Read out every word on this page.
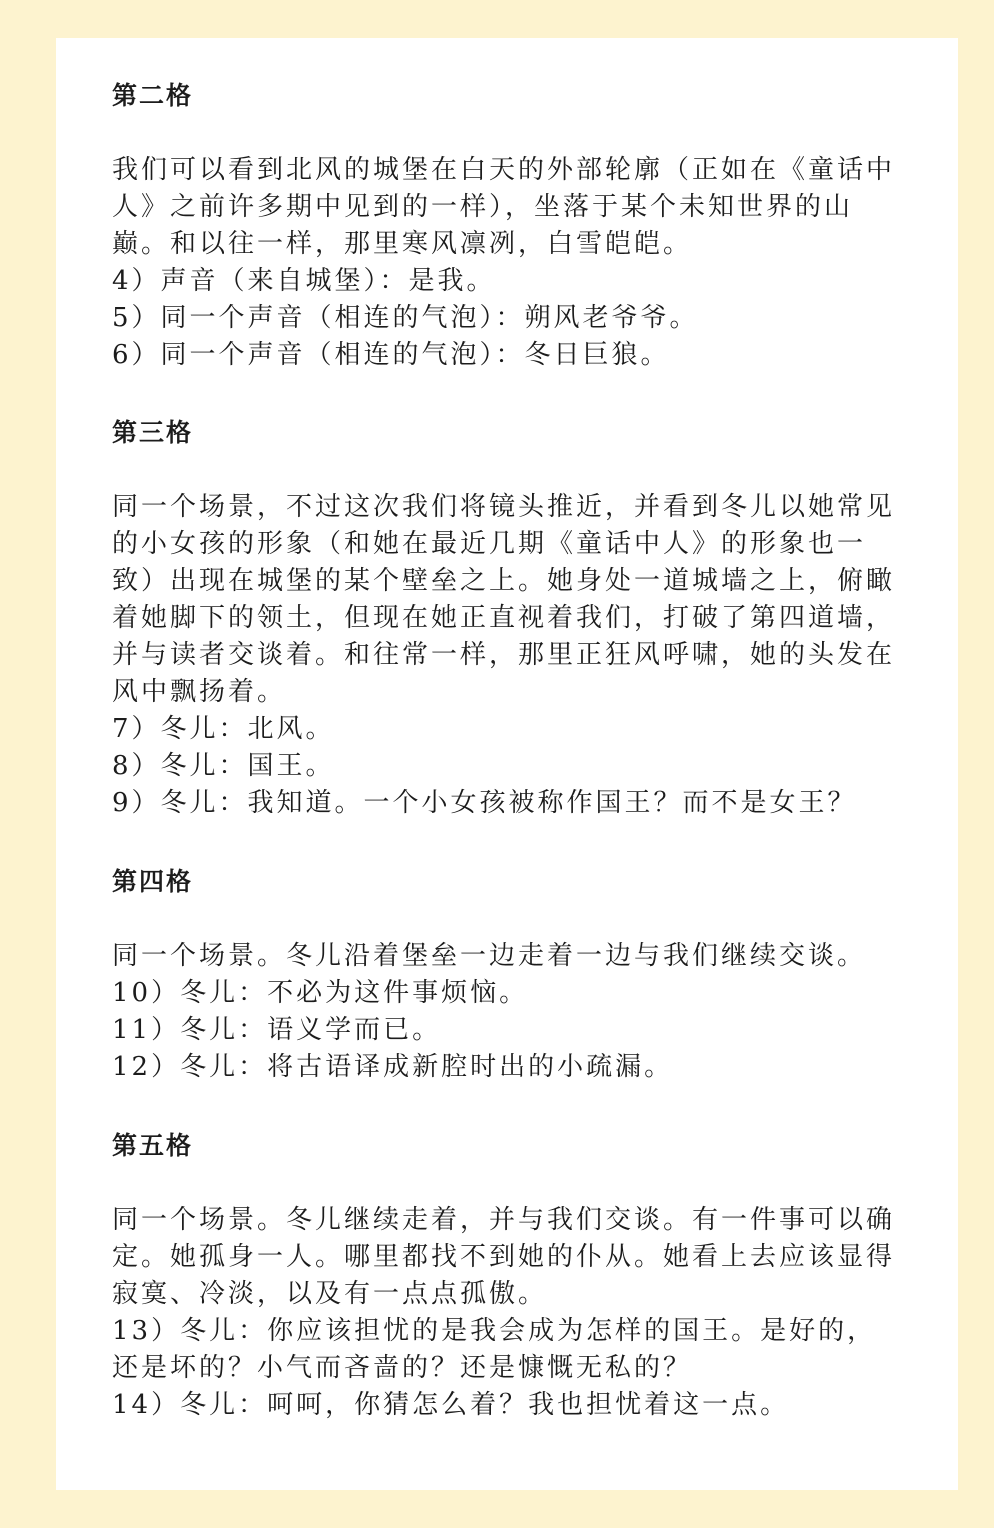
第二格

我们可以看到北风的城堡在白天的外部轮廓（正如在《童话中人》之前许多期中见到的一样），坐落于某个未知世界的山巅。和以往一样，那里寒风凛冽，白雪皑皑。

4）声音（来自城堡）：是我。

5）同一个声音（相连的气泡）：朔风老爷爷。

6）同一个声音（相连的气泡）：冬日巨狼。

第三格

同一个场景，不过这次我们将镜头推近，并看到冬儿以她常见的小女孩的形象（和她在最近几期《童话中人》的形象也一致）出现在城堡的某个壁垒之上。她身处一道城墙之上，俯瞰着她脚下的领土，但现在她正直视着我们，打破了第四道墙，并与读者交谈着。和往常一样，那里正狂风呼啸，她的头发在风中飘扬着。

7）冬儿：北风。

8）冬儿：国王。

9）冬儿：我知道。一个小女孩被称作国王？而不是女王？

第四格

同一个场景。冬儿沿着堡垒一边走着一边与我们继续交谈。

10）冬儿：不必为这件事烦恼。

11）冬儿：语义学而已。

12）冬儿：将古语译成新腔时出的小疏漏。

第五格

同一个场景。冬儿继续走着，并与我们交谈。有一件事可以确定。她孤身一人。哪里都找不到她的仆从。她看上去应该显得寂寞、冷淡，以及有一点点孤傲。

13）冬儿：你应该担忧的是我会成为怎样的国王。是好的，还是坏的？小气而吝啬的？还是慷慨无私的？

14）冬儿：呵呵，你猜怎么着？我也担忧着这一点。
